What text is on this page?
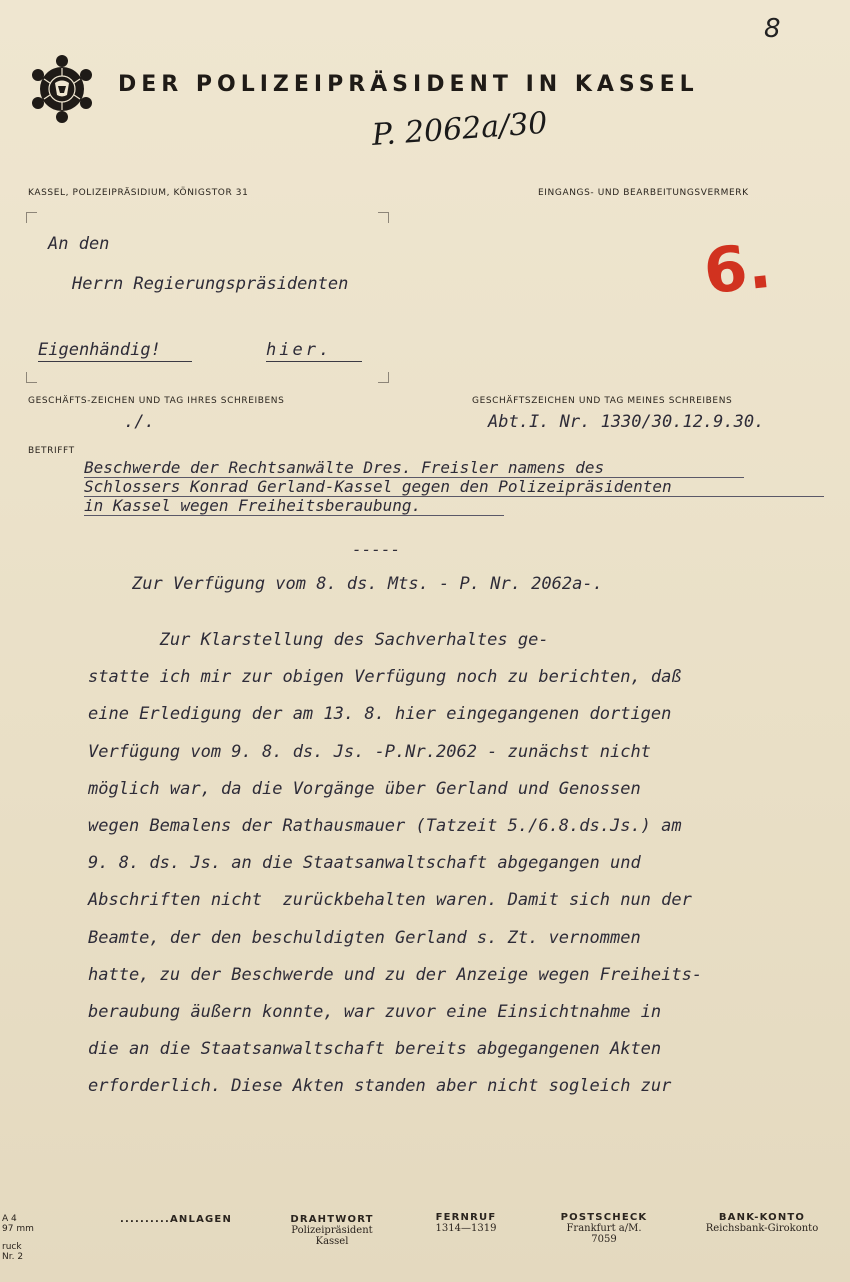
8
DER POLIZEIPRÄSIDENT IN KASSEL
P. 2062a/30
KASSEL, POLIZEIPRÄSIDIUM, KÖNIGSTOR 31	EINGANGS- UND BEARBEITUNGSVERMERK
An den
Herrn Regierungspräsidenten
Eigenhändig!	hier.
6.
GESCHÄFTS-ZEICHEN UND TAG IHRES SCHREIBENS	GESCHÄFTSZEICHEN UND TAG MEINES SCHREIBENS
./.	Abt.I. Nr. 1330/30.12.9.30.
BETRIFFT
Beschwerde der Rechtsanwälte Dres. Freisler namens des
Schlossers Konrad Gerland-Kassel gegen den Polizeipräsidenten
in Kassel wegen Freiheitsberaubung.
-----
Zur Verfügung vom 8. ds. Mts. - P. Nr. 2062a-.
Zur Klarstellung des Sachverhaltes ge-
statte ich mir zur obigen Verfügung noch zu berichten, daß
eine Erledigung der am 13. 8. hier eingegangenen dortigen
Verfügung vom 9. 8. ds. Js. -P.Nr.2062 - zunächst nicht
möglich war, da die Vorgänge über Gerland und Genossen
wegen Bemalens der Rathausmauer (Tatzeit 5./6.8.ds.Js.) am
9. 8. ds. Js. an die Staatsanwaltschaft abgegangen und
Abschriften nicht  zurückbehalten waren. Damit sich nun der
Beamte, der den beschuldigten Gerland s. Zt. vernommen
hatte, zu der Beschwerde und zu der Anzeige wegen Freiheits-
beraubung äußern konnte, war zuvor eine Einsichtnahme in
die an die Staatsanwaltschaft bereits abgegangenen Akten
erforderlich. Diese Akten standen aber nicht sogleich zur
A 4
97 mm
ruck
Nr. 2
..........ANLAGEN	DRAHTWORT
Polizeipräsident
Kassel
FERNRUF
1314—1319
POSTSCHECK
Frankfurt a/M.
7059
BANK-KONTO
Reichsbank-Girokonto
